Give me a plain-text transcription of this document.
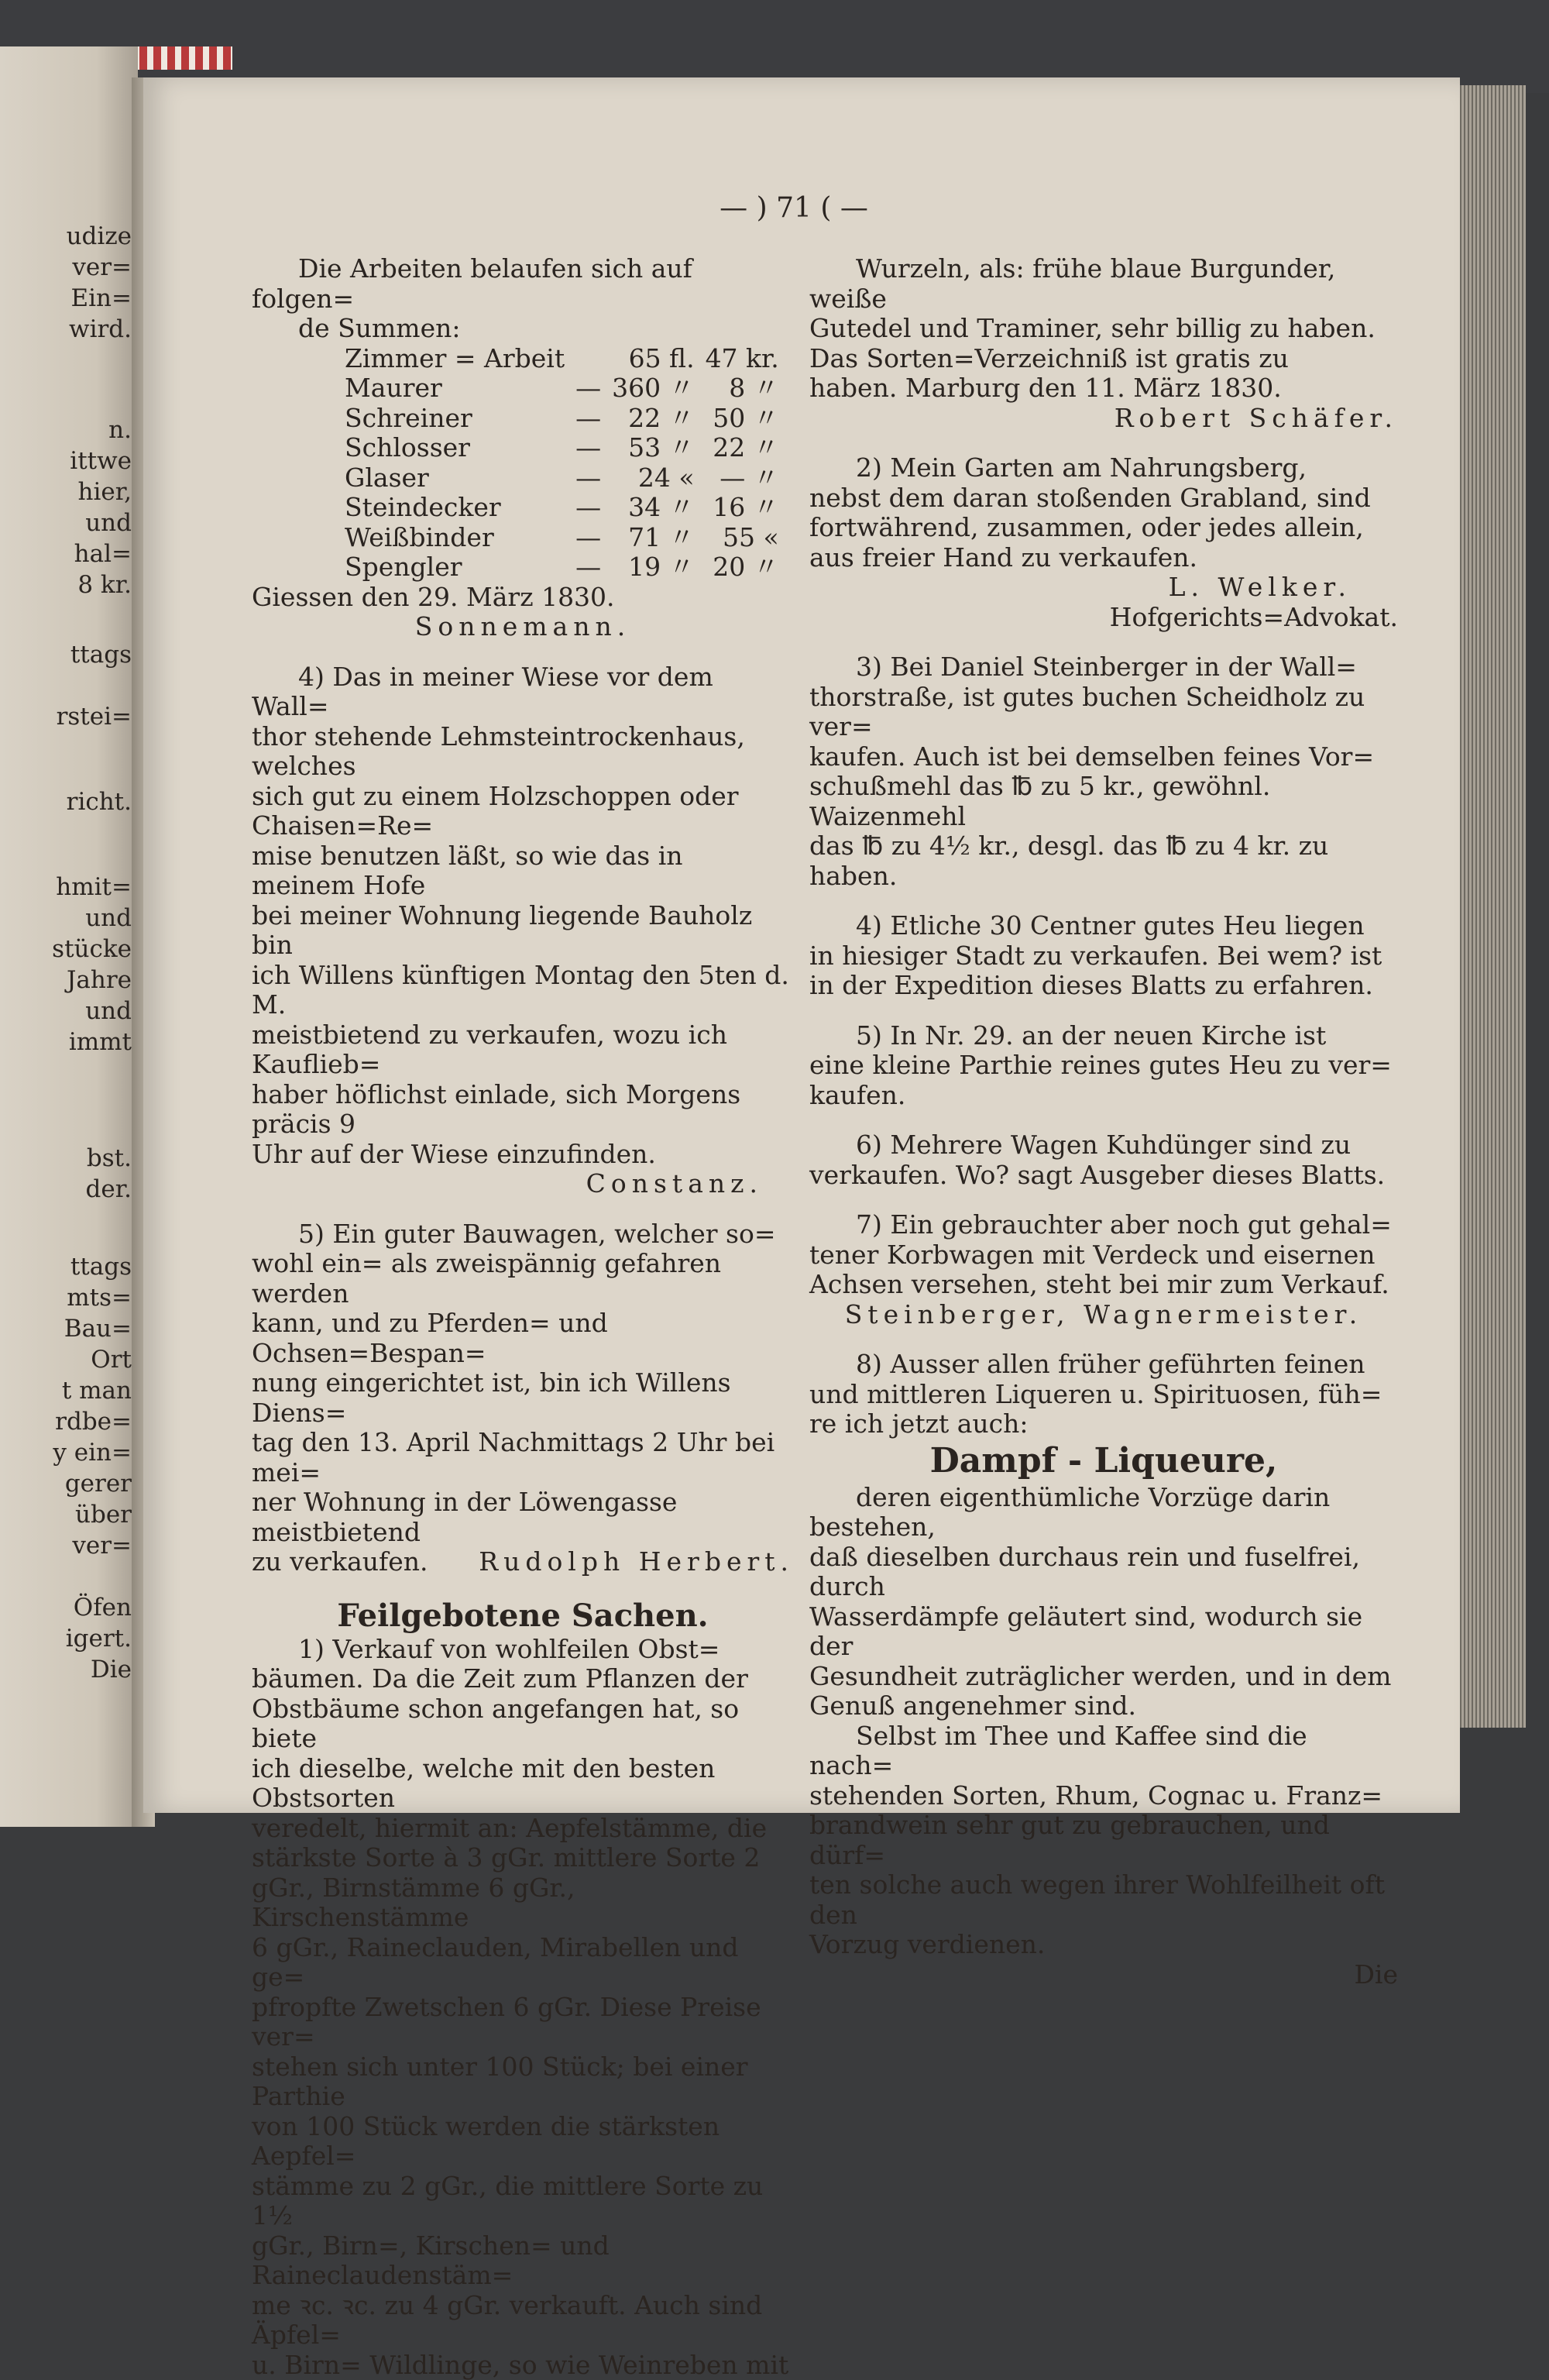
udize
ver=
Ein=
wird.
n.
ittwe
hier,
und
hal=
8 kr.
ttags
rstei=
richt.
hmit=
und
stücke
Jahre
und
immt
bst.
der.
ttags
mts=
Bau=
Ort
t man
rdbe=
y ein=
gerer
über
ver=
Öfen
igert.
Die
— ) 71 ( —

Die Arbeiten belaufen sich auf folgen=

de Summen:

Zimmer = Arbeit		65 fl.	47 kr.
Maurer	—	360 〃	8 〃
Schreiner	—	22 〃	50 〃
Schlosser	—	53 〃	22 〃
Glaser	—	24 «	— 〃
Steindecker	—	34 〃	16 〃
Weißbinder	—	71 〃	55 «
Spengler	—	19 〃	20 〃

Giessen den 29. März 1830.

Sonnemann.

4) Das in meiner Wiese vor dem Wall=

thor stehende Lehmsteintrockenhaus, welches

sich gut zu einem Holzschoppen oder Chaisen=Re=

mise benutzen läßt, so wie das in meinem Hofe

bei meiner Wohnung liegende Bauholz bin

ich Willens künftigen Montag den 5ten d. M.

meistbietend zu verkaufen, wozu ich Kauflieb=

haber höflichst einlade, sich Morgens präcis 9

Uhr auf der Wiese einzufinden.

Constanz.

5) Ein guter Bauwagen, welcher so=

wohl ein= als zweispännig gefahren werden

kann, und zu Pferden= und Ochsen=Bespan=

nung eingerichtet ist, bin ich Willens Diens=

tag den 13. April Nachmittags 2 Uhr bei mei=

ner Wohnung in der Löwengasse meistbietend

zu verkaufen. Rudolph Herbert.
Feilgebotene Sachen.

1) Verkauf von wohlfeilen Obst=

bäumen. Da die Zeit zum Pflanzen der

Obstbäume schon angefangen hat, so biete

ich dieselbe, welche mit den besten Obstsorten

veredelt, hiermit an: Aepfelstämme, die

stärkste Sorte à 3 gGr. mittlere Sorte 2

gGr., Birnstämme 6 gGr., Kirschenstämme

6 gGr., Raineclauden, Mirabellen und ge=

pfropfte Zwetschen 6 gGr. Diese Preise ver=

stehen sich unter 100 Stück; bei einer Parthie

von 100 Stück werden die stärksten Aepfel=

stämme zu 2 gGr., die mittlere Sorte zu 1½

gGr., Birn=, Kirschen= und Raineclaudenstäm=

me ꝛc. ꝛc. zu 4 gGr. verkauft. Auch sind Äpfel=

u. Birn= Wildlinge, so wie Weinreben mit

Wurzeln, als: frühe blaue Burgunder, weiße

Gutedel und Traminer, sehr billig zu haben.

Das Sorten=Verzeichniß ist gratis zu

haben. Marburg den 11. März 1830.

Robert Schäfer.

2) Mein Garten am Nahrungsberg,

nebst dem daran stoßenden Grabland, sind

fortwährend, zusammen, oder jedes allein,

aus freier Hand zu verkaufen.

L. Welker.

Hofgerichts=Advokat.

3) Bei Daniel Steinberger in der Wall=

thorstraße, ist gutes buchen Scheidholz zu ver=

kaufen. Auch ist bei demselben feines Vor=

schußmehl das ℔ zu 5 kr., gewöhnl. Waizenmehl

das ℔ zu 4½ kr., desgl. das ℔ zu 4 kr. zu haben.

4) Etliche 30 Centner gutes Heu liegen

in hiesiger Stadt zu verkaufen. Bei wem? ist

in der Expedition dieses Blatts zu erfahren.

5) In Nr. 29. an der neuen Kirche ist

eine kleine Parthie reines gutes Heu zu ver=

kaufen.

6) Mehrere Wagen Kuhdünger sind zu

verkaufen. Wo? sagt Ausgeber dieses Blatts.

7) Ein gebrauchter aber noch gut gehal=

tener Korbwagen mit Verdeck und eisernen

Achsen versehen, steht bei mir zum Verkauf.

Steinberger, Wagnermeister.

8) Ausser allen früher geführten feinen

und mittleren Liqueren u. Spirituosen, füh=

re ich jetzt auch:

Dampf - Liqueure,

deren eigenthümliche Vorzüge darin bestehen,

daß dieselben durchaus rein und fuselfrei, durch

Wasserdämpfe geläutert sind, wodurch sie der

Gesundheit zuträglicher werden, und in dem

Genuß angenehmer sind.

Selbst im Thee und Kaffee sind die nach=

stehenden Sorten, Rhum, Cognac u. Franz=

brandwein sehr gut zu gebrauchen, und dürf=

ten solche auch wegen ihrer Wohlfeilheit oft den

Vorzug verdienen.

Die
